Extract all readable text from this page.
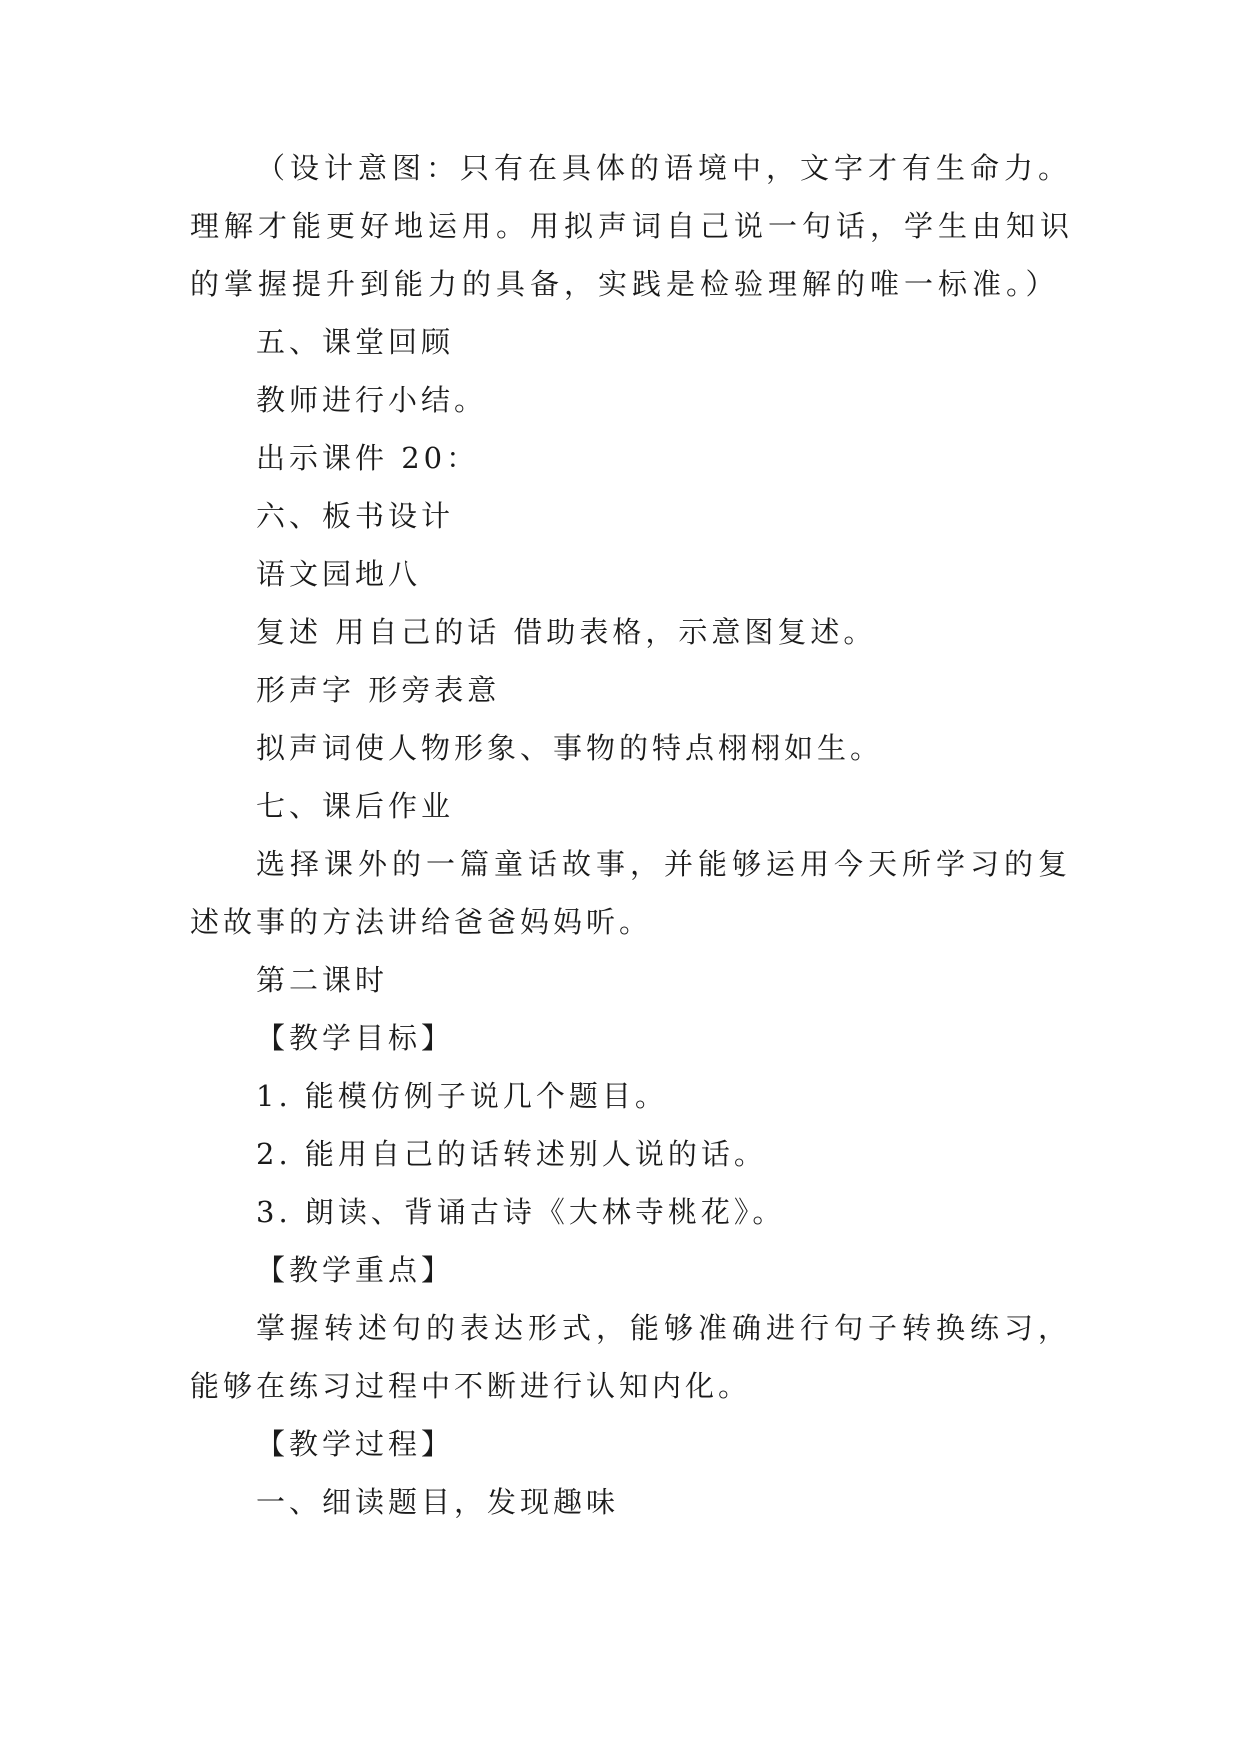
（设计意图：只有在具体的语境中，文字才有生命力。
理解才能更好地运用。用拟声词自己说一句话，学生由知识
的掌握提升到能力的具备，实践是检验理解的唯一标准。）
五、课堂回顾
教师进行小结。
出示课件 20：
六、板书设计
语文园地八
复述 用自己的话 借助表格，示意图复述。
形声字 形旁表意
拟声词使人物形象、事物的特点栩栩如生。
七、课后作业
选择课外的一篇童话故事，并能够运用今天所学习的复
述故事的方法讲给爸爸妈妈听。
第二课时
【教学目标】
1. 能模仿例子说几个题目。
2. 能用自己的话转述别人说的话。
3. 朗读、背诵古诗《大林寺桃花》。
【教学重点】
掌握转述句的表达形式，能够准确进行句子转换练习，
能够在练习过程中不断进行认知内化。
【教学过程】
一、细读题目，发现趣味
